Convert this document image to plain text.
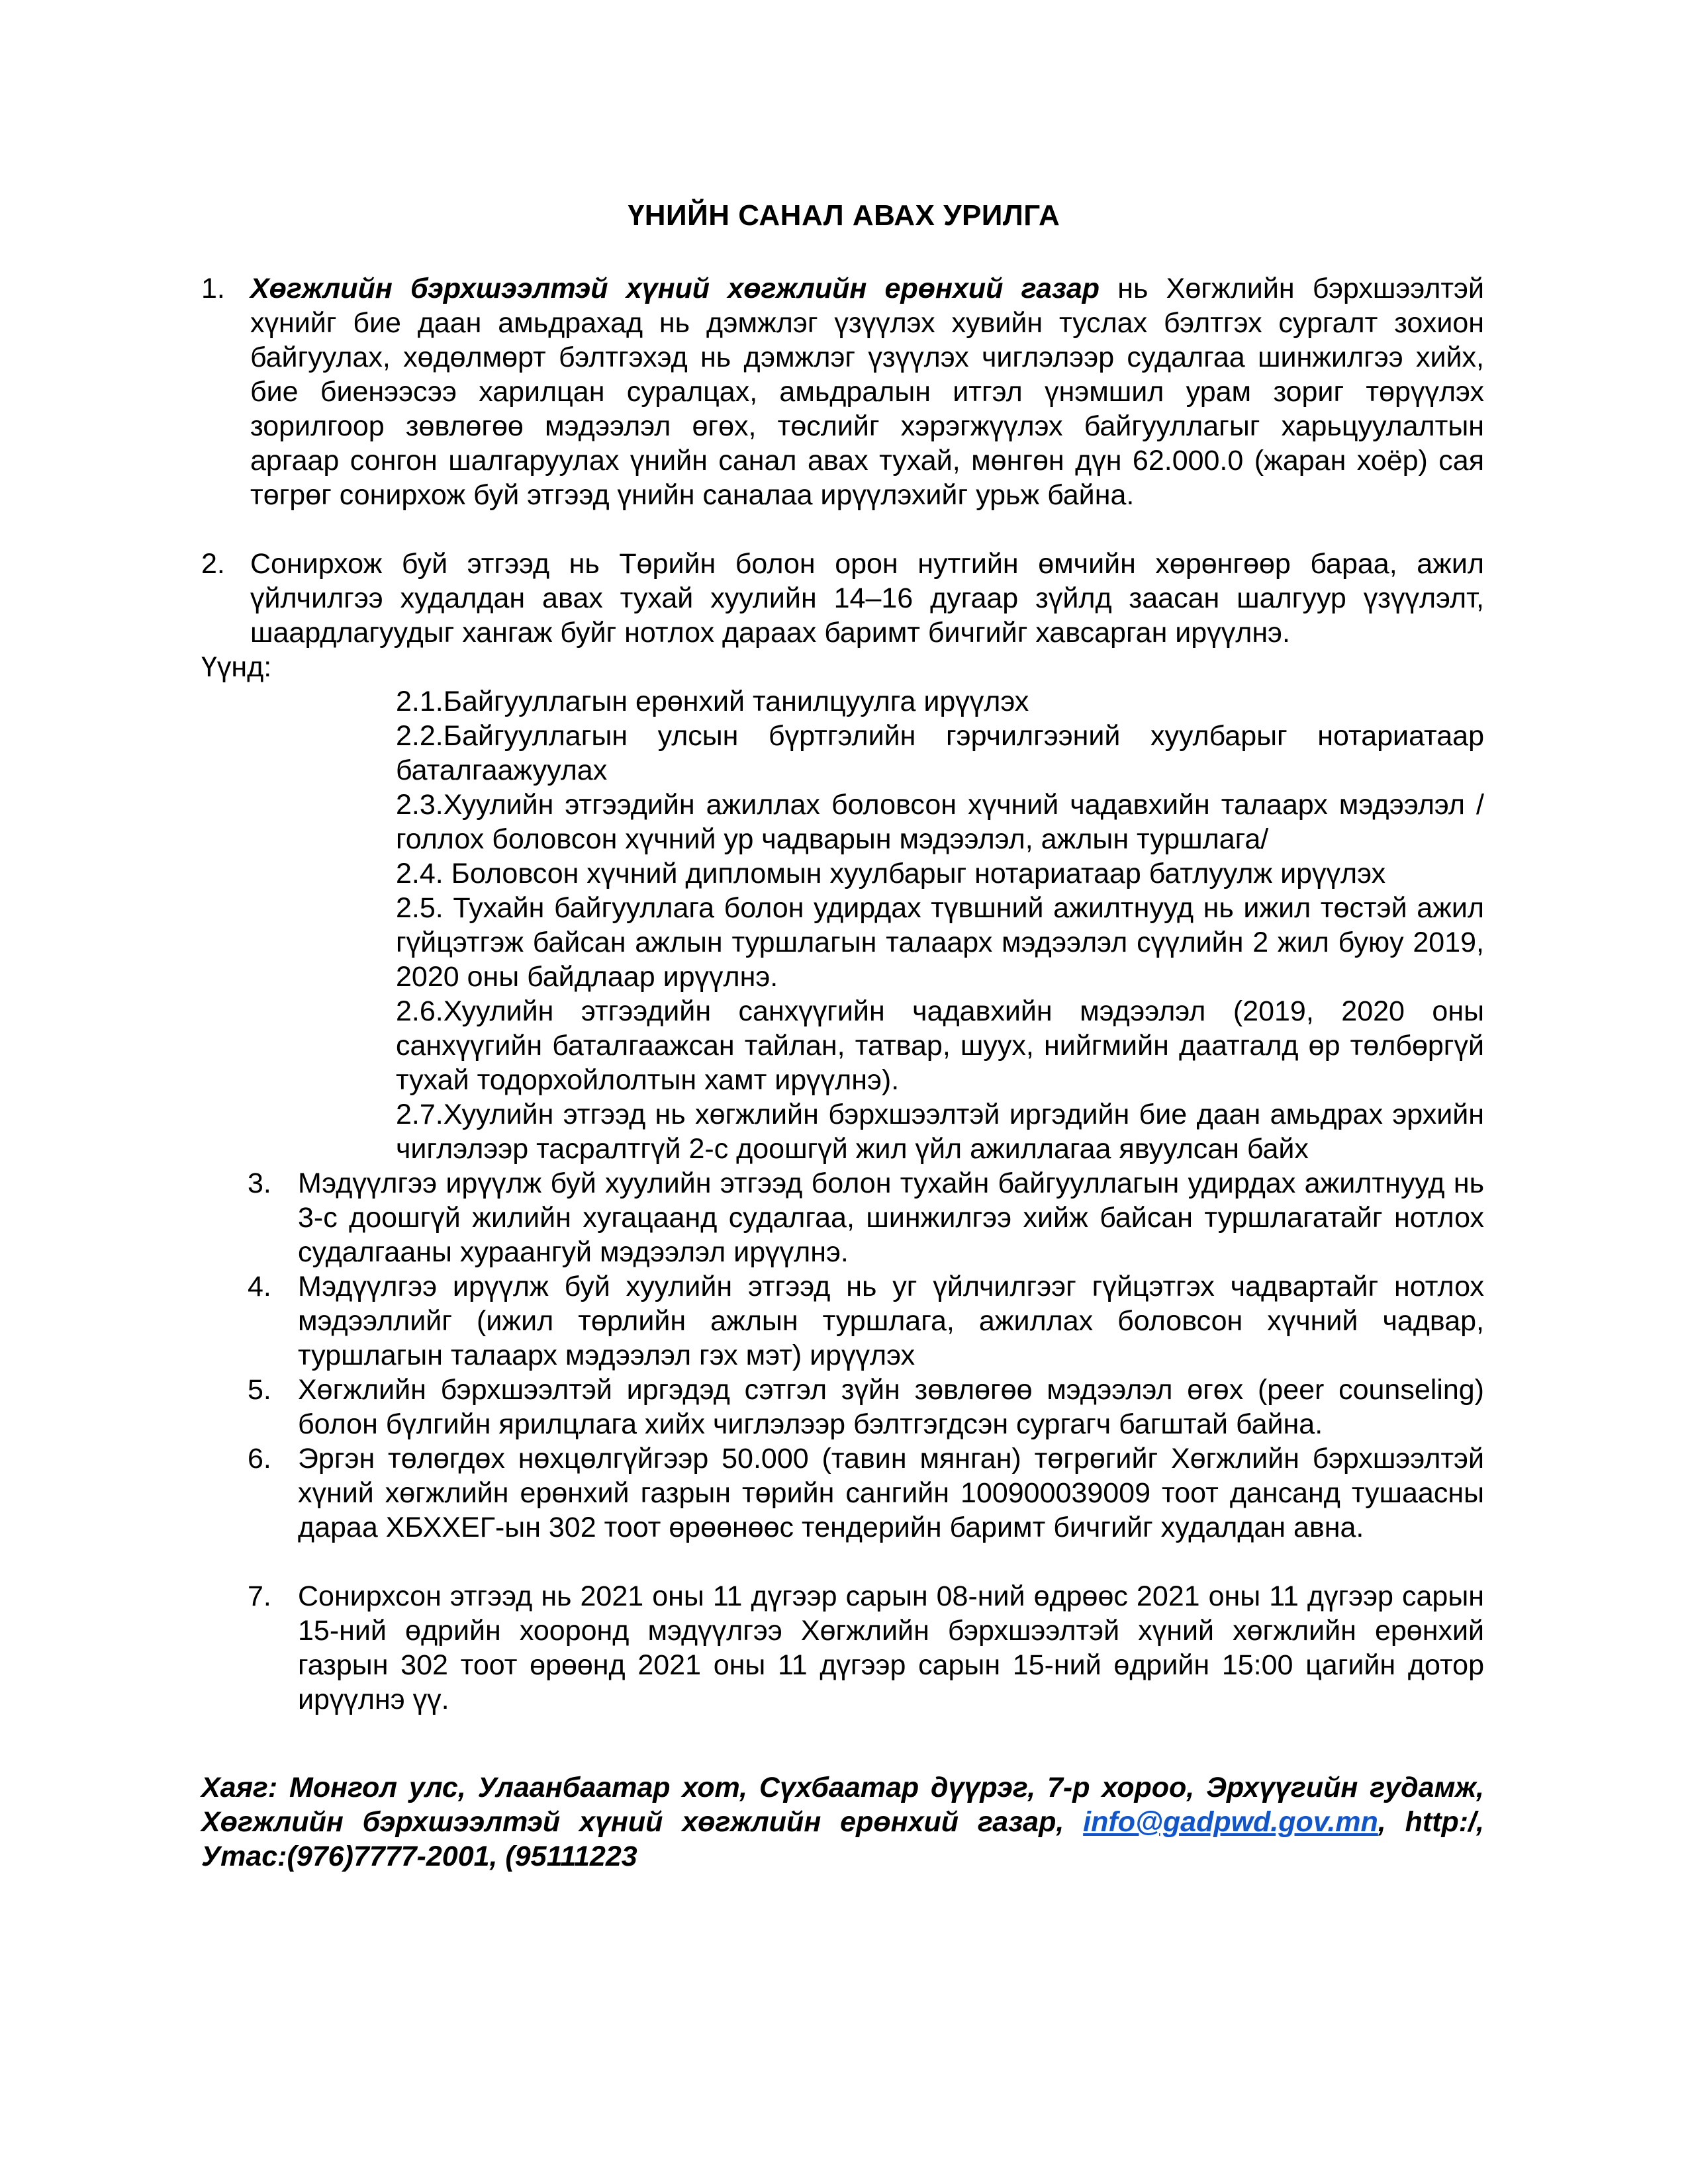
ҮНИЙН САНАЛ АВАХ УРИЛГА
1. Хөгжлийн бэрхшээлтэй хүний хөгжлийн ерөнхий газар нь Хөгжлийн бэрхшээлтэй хүнийг бие даан амьдрахад нь дэмжлэг үзүүлэх хувийн туслах бэлтгэх сургалт зохион байгуулах, хөдөлмөрт бэлтгэхэд нь дэмжлэг үзүүлэх чиглэлээр судалгаа шинжилгээ хийх, бие биенээсээ харилцан суралцах, амьдралын итгэл үнэмшил урам зориг төрүүлэх зорилгоор зөвлөгөө мэдээлэл өгөх, төслийг хэрэгжүүлэх байгууллагыг харьцуулалтын аргаар сонгон шалгаруулах үнийн санал авах тухай, мөнгөн дүн 62.000.0 (жаран хоёр) сая төгрөг сонирхож буй этгээд үнийн саналаа ирүүлэхийг урьж байна.
2. Сонирхож буй этгээд нь Төрийн болон орон нутгийн өмчийн хөрөнгөөр бараа, ажил үйлчилгээ худалдан авах тухай хуулийн 14–16 дугаар зүйлд заасан шалгуур үзүүлэлт, шаардлагуудыг хангаж буйг нотлох дараах баримт бичгийг хавсарган ирүүлнэ.
Үүнд:

2.1.Байгууллагын ерөнхий танилцуулга ирүүлэх

2.2.Байгууллагын улсын бүртгэлийн гэрчилгээний хуулбарыг нотариатаар баталгаажуулах

2.3.Хуулийн этгээдийн ажиллах боловсон хүчний чадавхийн талаарх мэдээлэл /голлох боловсон хүчний ур чадварын мэдээлэл, ажлын туршлага/

2.4. Боловсон хүчний дипломын хуулбарыг нотариатаар батлуулж ирүүлэх

2.5. Тухайн байгууллага болон удирдах түвшний ажилтнууд нь ижил төстэй ажил гүйцэтгэж байсан ажлын туршлагын талаарх мэдээлэл сүүлийн 2 жил буюу 2019, 2020 оны байдлаар ирүүлнэ.

2.6.Хуулийн этгээдийн санхүүгийн чадавхийн мэдээлэл (2019, 2020 оны санхүүгийн баталгаажсан тайлан, татвар, шууx, нийгмийн даатгалд өр төлбөргүй тухай тодорхойлолтын хамт ирүүлнэ).

2.7.Хуулийн этгээд нь хөгжлийн бэрхшээлтэй иргэдийн бие даан амьдрах эрхийн чиглэлээр тасралтгүй 2-с доошгүй жил үйл ажиллагаа явуулсан байх

3. Мэдүүлгээ ирүүлж буй хуулийн этгээд болон тухайн байгууллагын удирдах ажилтнууд нь 3-с доошгүй жилийн хугацаанд судалгаа, шинжилгээ хийж байсан туршлагатайг нотлох судалгааны хураангуй мэдээлэл ирүүлнэ.
4. Мэдүүлгээ ирүүлж буй хуулийн этгээд нь уг үйлчилгээг гүйцэтгэх чадвартайг нотлох мэдээллийг (ижил төрлийн ажлын туршлага, ажиллах боловсон хүчний чадвар, туршлагын талаарх мэдээлэл гэх мэт) ирүүлэх
5. Хөгжлийн бэрхшээлтэй иргэдэд сэтгэл зүйн зөвлөгөө мэдээлэл өгөх (peer counseling) болон бүлгийн ярилцлага хийх чиглэлээр бэлтгэгдсэн сургагч багштай байна.
6. Эргэн төлөгдөх нөхцөлгүйгээр 50.000 (тавин мянган) төгрөгийг Хөгжлийн бэрхшээлтэй хүний хөгжлийн ерөнхий газрын төрийн сангийн 100900039009 тоот дансанд тушаасны дараа ХБХХЕГ-ын 302 тоот өрөөнөөс тендерийн баримт бичгийг худалдан авна.
7. Сонирхсон этгээд нь 2021 оны 11 дүгээр сарын 08-ний өдрөөс 2021 оны 11 дүгээр сарын 15-ний өдрийн хооронд мэдүүлгээ Хөгжлийн бэрхшээлтэй хүний хөгжлийн ерөнхий газрын 302 тоот өрөөнд 2021 оны 11 дүгээр сарын 15-ний өдрийн 15:00 цагийн дотор ирүүлнэ үү.
Хаяг: Монгол улс, Улаанбаатар хот, Сүхбаатар дүүрэг, 7-р хороо, Эрхүүгийн гудамж, Хөгжлийн бэрхшээлтэй хүний хөгжлийн ерөнхий газар, info@gadpwd.gov.mn, http:/, Утас:(976)7777-2001, (95111223
